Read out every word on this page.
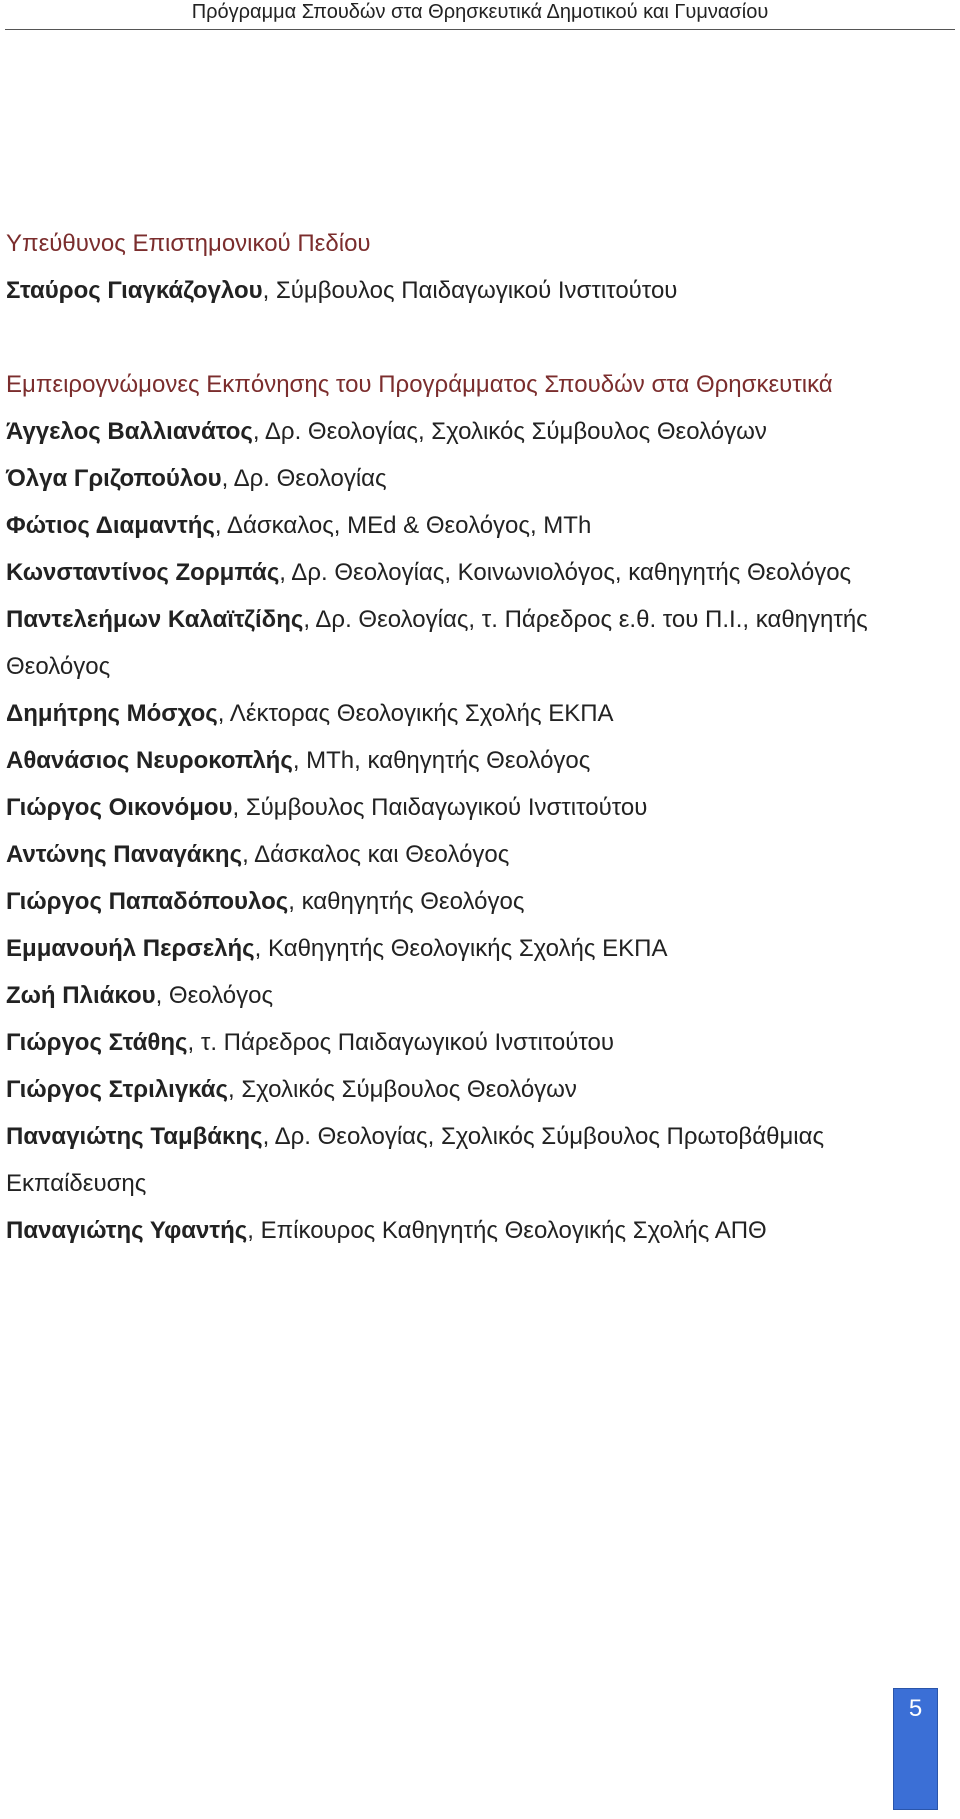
Πρόγραμμα Σπουδών στα Θρησκευτικά Δημοτικού και Γυμνασίου

Υπεύθυνος Επιστημονικού Πεδίου

Σταύρος Γιαγκάζογλου, Σύμβουλος Παιδαγωγικού Ινστιτούτου

Εμπειρογνώμονες Εκπόνησης του Προγράμματος Σπουδών στα Θρησκευτικά

Άγγελος Βαλλιανάτος, Δρ. Θεολογίας, Σχολικός Σύμβουλος Θεολόγων

Όλγα Γριζοπούλου, Δρ. Θεολογίας

Φώτιος Διαμαντής, Δάσκαλος, MEd & Θεολόγος, MTh

Κωνσταντίνος Ζορμπάς, Δρ. Θεολογίας, Κοινωνιολόγος, καθηγητής Θεολόγος

Παντελεήμων Καλαϊτζίδης, Δρ. Θεολογίας, τ. Πάρεδρος ε.θ. του Π.Ι., καθηγητής Θεολόγος

Δημήτρης Μόσχος, Λέκτορας Θεολογικής Σχολής ΕΚΠΑ

Αθανάσιος Νευροκοπλής, MTh, καθηγητής Θεολόγος

Γιώργος Οικονόμου, Σύμβουλος Παιδαγωγικού Ινστιτούτου

Αντώνης Παναγάκης, Δάσκαλος και Θεολόγος

Γιώργος Παπαδόπουλος, καθηγητής Θεολόγος

Εμμανουήλ Περσελής, Καθηγητής Θεολογικής Σχολής ΕΚΠΑ

Ζωή Πλιάκου, Θεολόγος

Γιώργος Στάθης, τ. Πάρεδρος Παιδαγωγικού Ινστιτούτου

Γιώργος Στριλιγκάς, Σχολικός Σύμβουλος Θεολόγων

Παναγιώτης Ταμβάκης, Δρ. Θεολογίας, Σχολικός Σύμβουλος Πρωτοβάθμιας Εκπαίδευσης

Παναγιώτης Υφαντής, Επίκουρος Καθηγητής Θεολογικής Σχολής ΑΠΘ

5
